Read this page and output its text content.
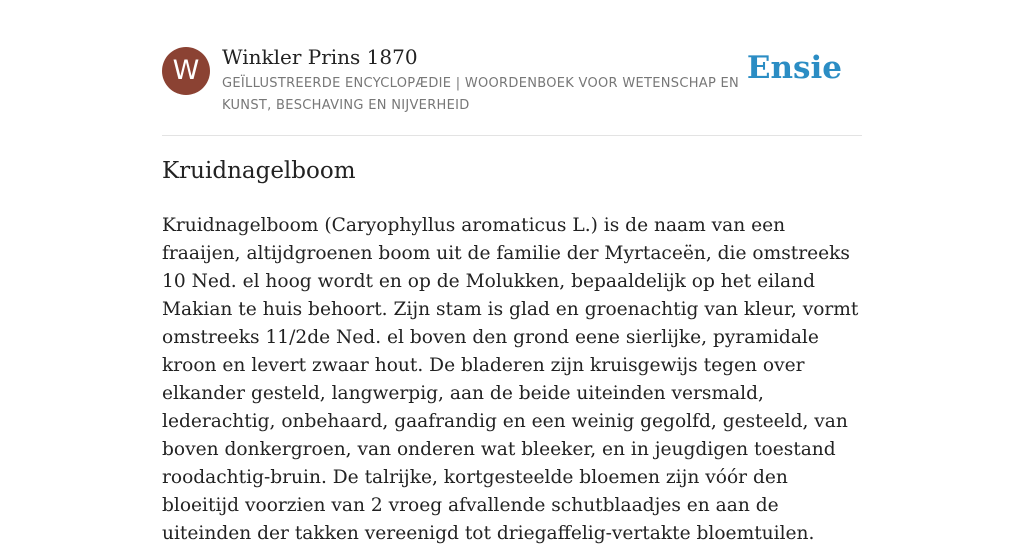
W	Winkler Prins 1870
GEÏLLUSTREERDE ENCYCLOPÆDIE | WOORDENBOEK VOOR WETENSCHAP EN KUNST, BESCHAVING EN NIJVERHEID
Ensie
Kruidnagelboom

Kruidnagelboom (Caryophyllus aromaticus L.) is de naam van een fraaijen, altijdgroenen boom uit de familie der Myrtaceën, die omstreeks 10 Ned. el hoog wordt en op de Molukken, bepaaldelijk op het eiland Makian te huis behoort. Zijn stam is glad en groenachtig van kleur, vormt omstreeks 11/2de Ned. el boven den grond eene sierlijke, pyramidale kroon en levert zwaar hout. De bladeren zijn kruisgewijs tegen over elkander gesteld, langwerpig, aan de beide uiteinden versmald, lederachtig, onbehaard, gaafrandig en een weinig gegolfd, gesteeld, van boven donkergroen, van onderen wat bleeker, en in jeugdigen toestand roodachtig-bruin. De talrijke, kortgesteelde bloemen zijn vóór den bloeitijd voorzien van 2 vroeg afvallende schutblaadjes en aan de uiteinden der takken vereenigd tot driegaffelig-vertakte bloemtuilen.
